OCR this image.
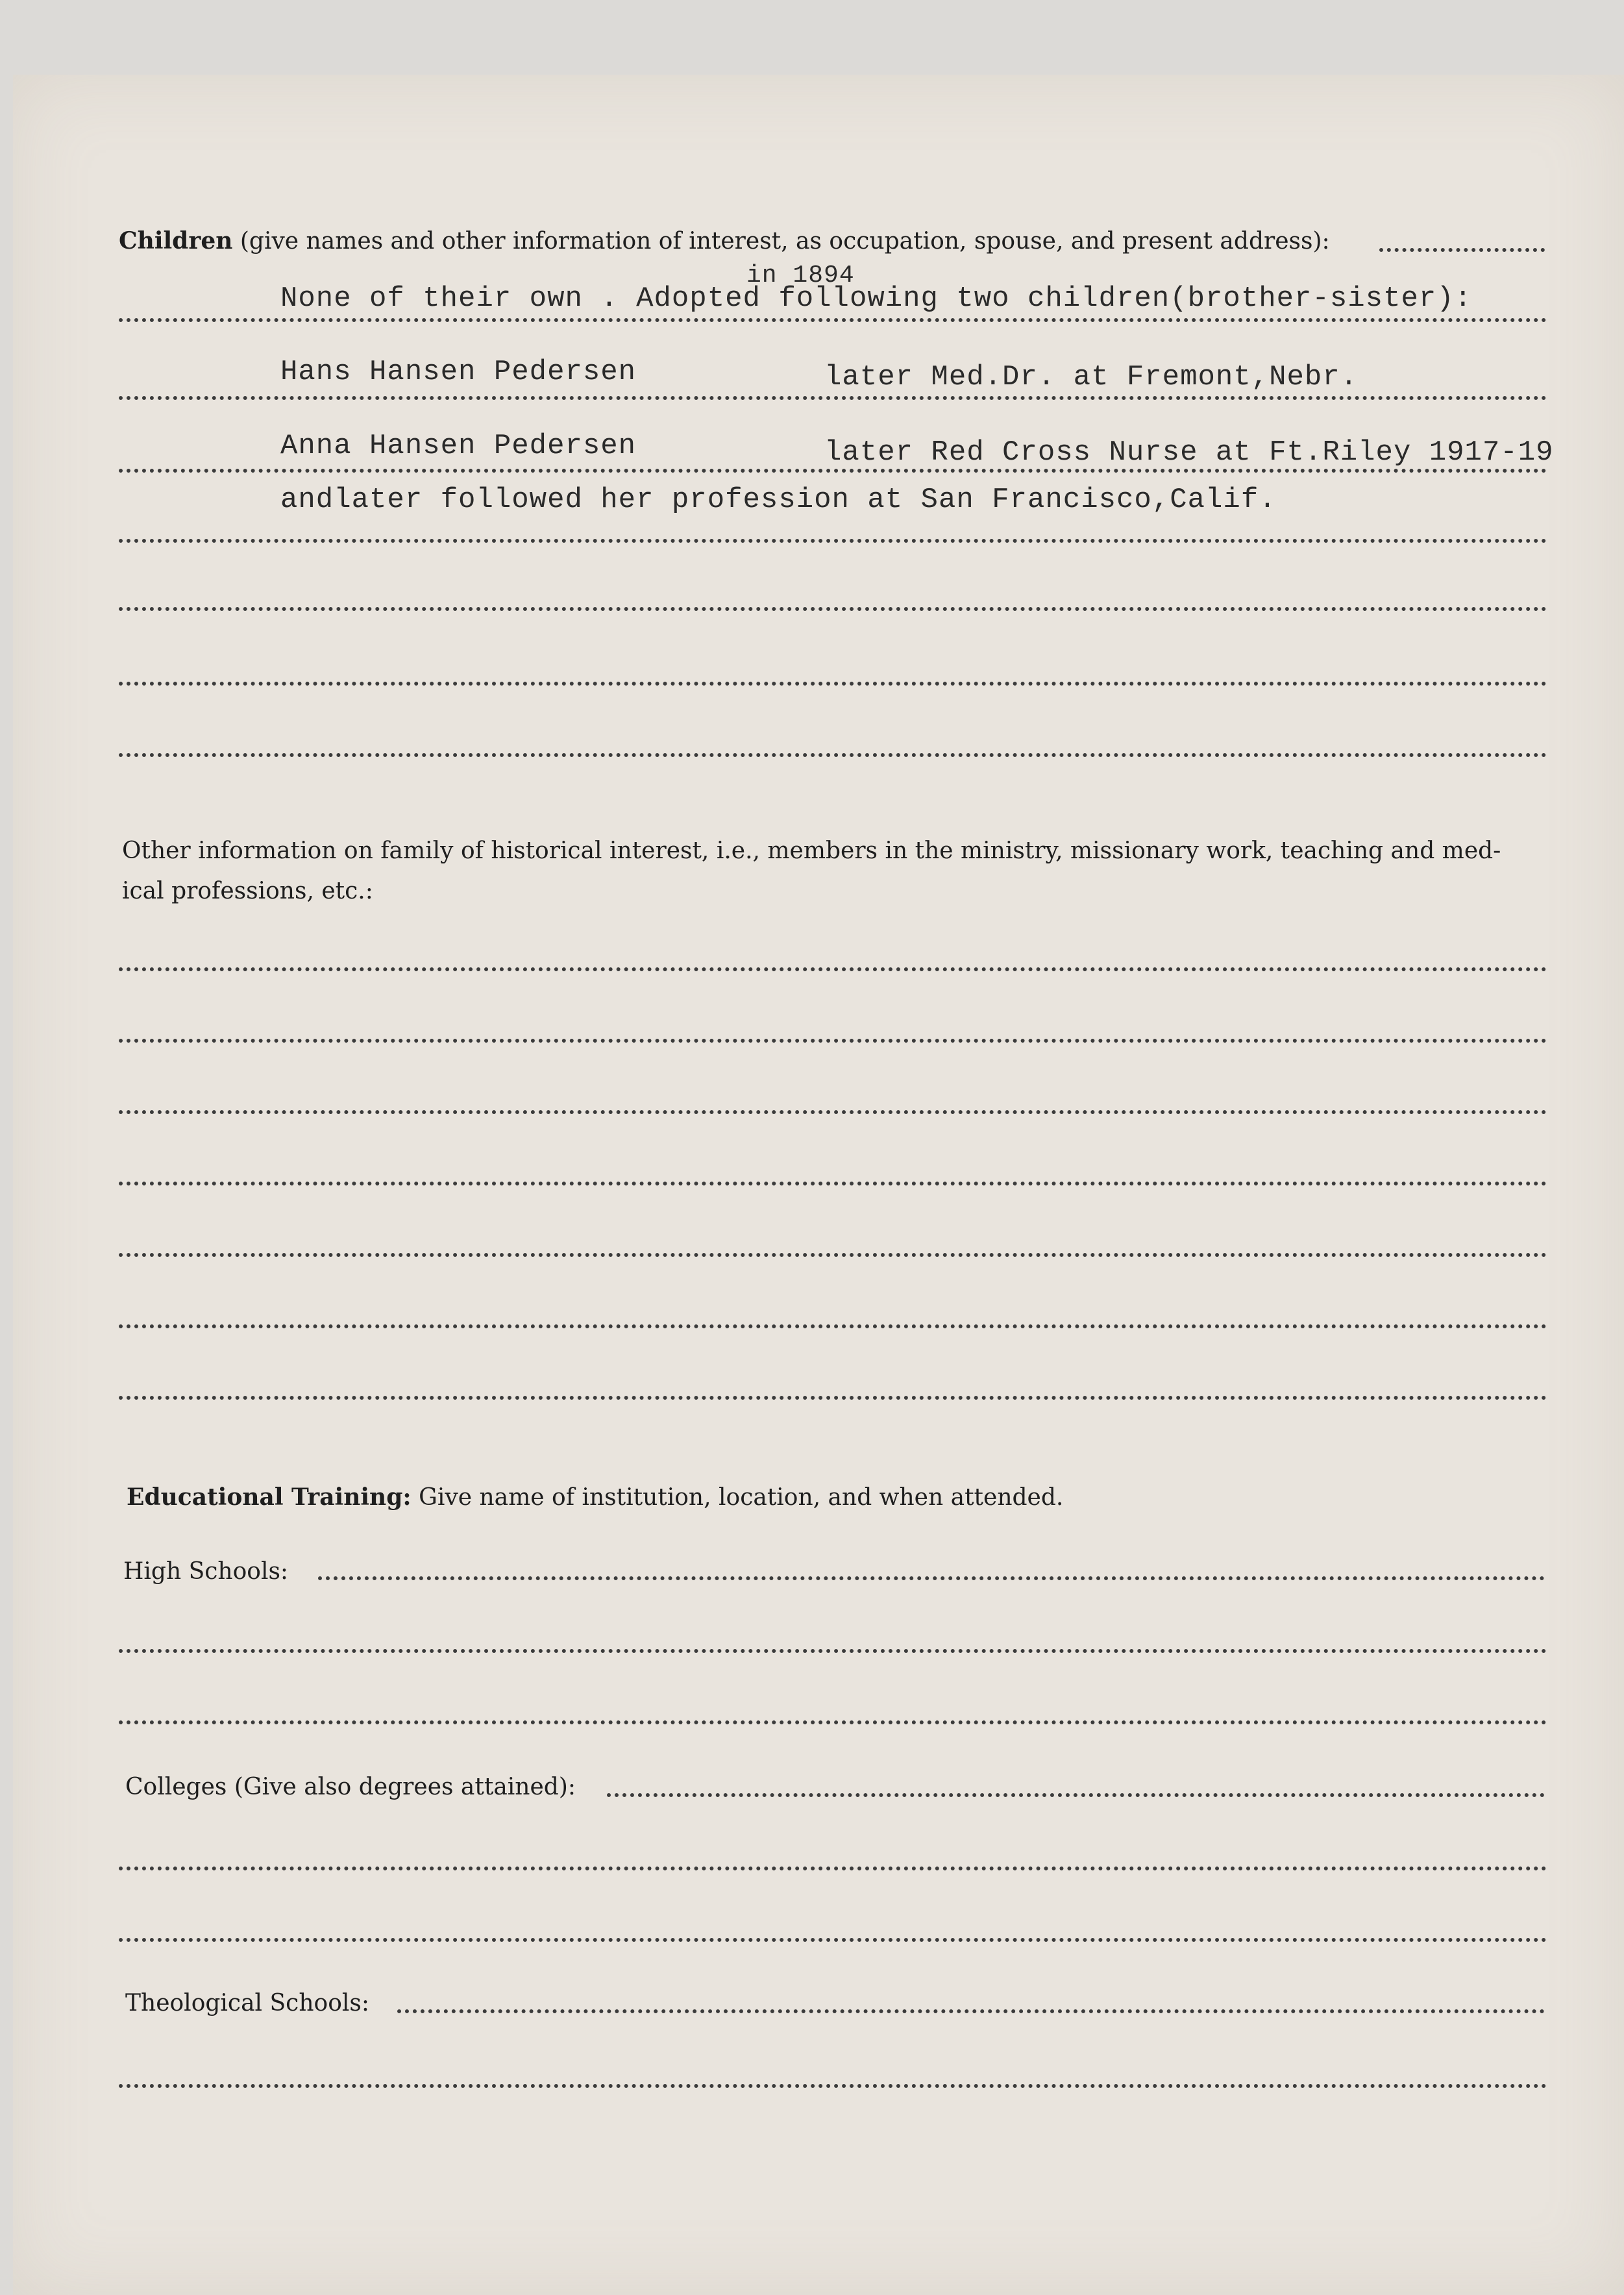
Children (give names and other information of interest, as occupation, spouse, and present address):
in 1894
None of their own . Adopted following two children(brother-sister):
Hans Hansen Pedersen	later Med.Dr. at Fremont,Nebr.
Anna Hansen Pedersen	later Red Cross Nurse at Ft.Riley 1917-19
andlater followed her profession at San Francisco,Calif.
Other information on family of historical interest, i.e., members in the ministry, missionary work, teaching and med-
ical professions, etc.:
Educational Training: Give name of institution, location, and when attended.
High Schools:
Colleges (Give also degrees attained):
Theological Schools:
